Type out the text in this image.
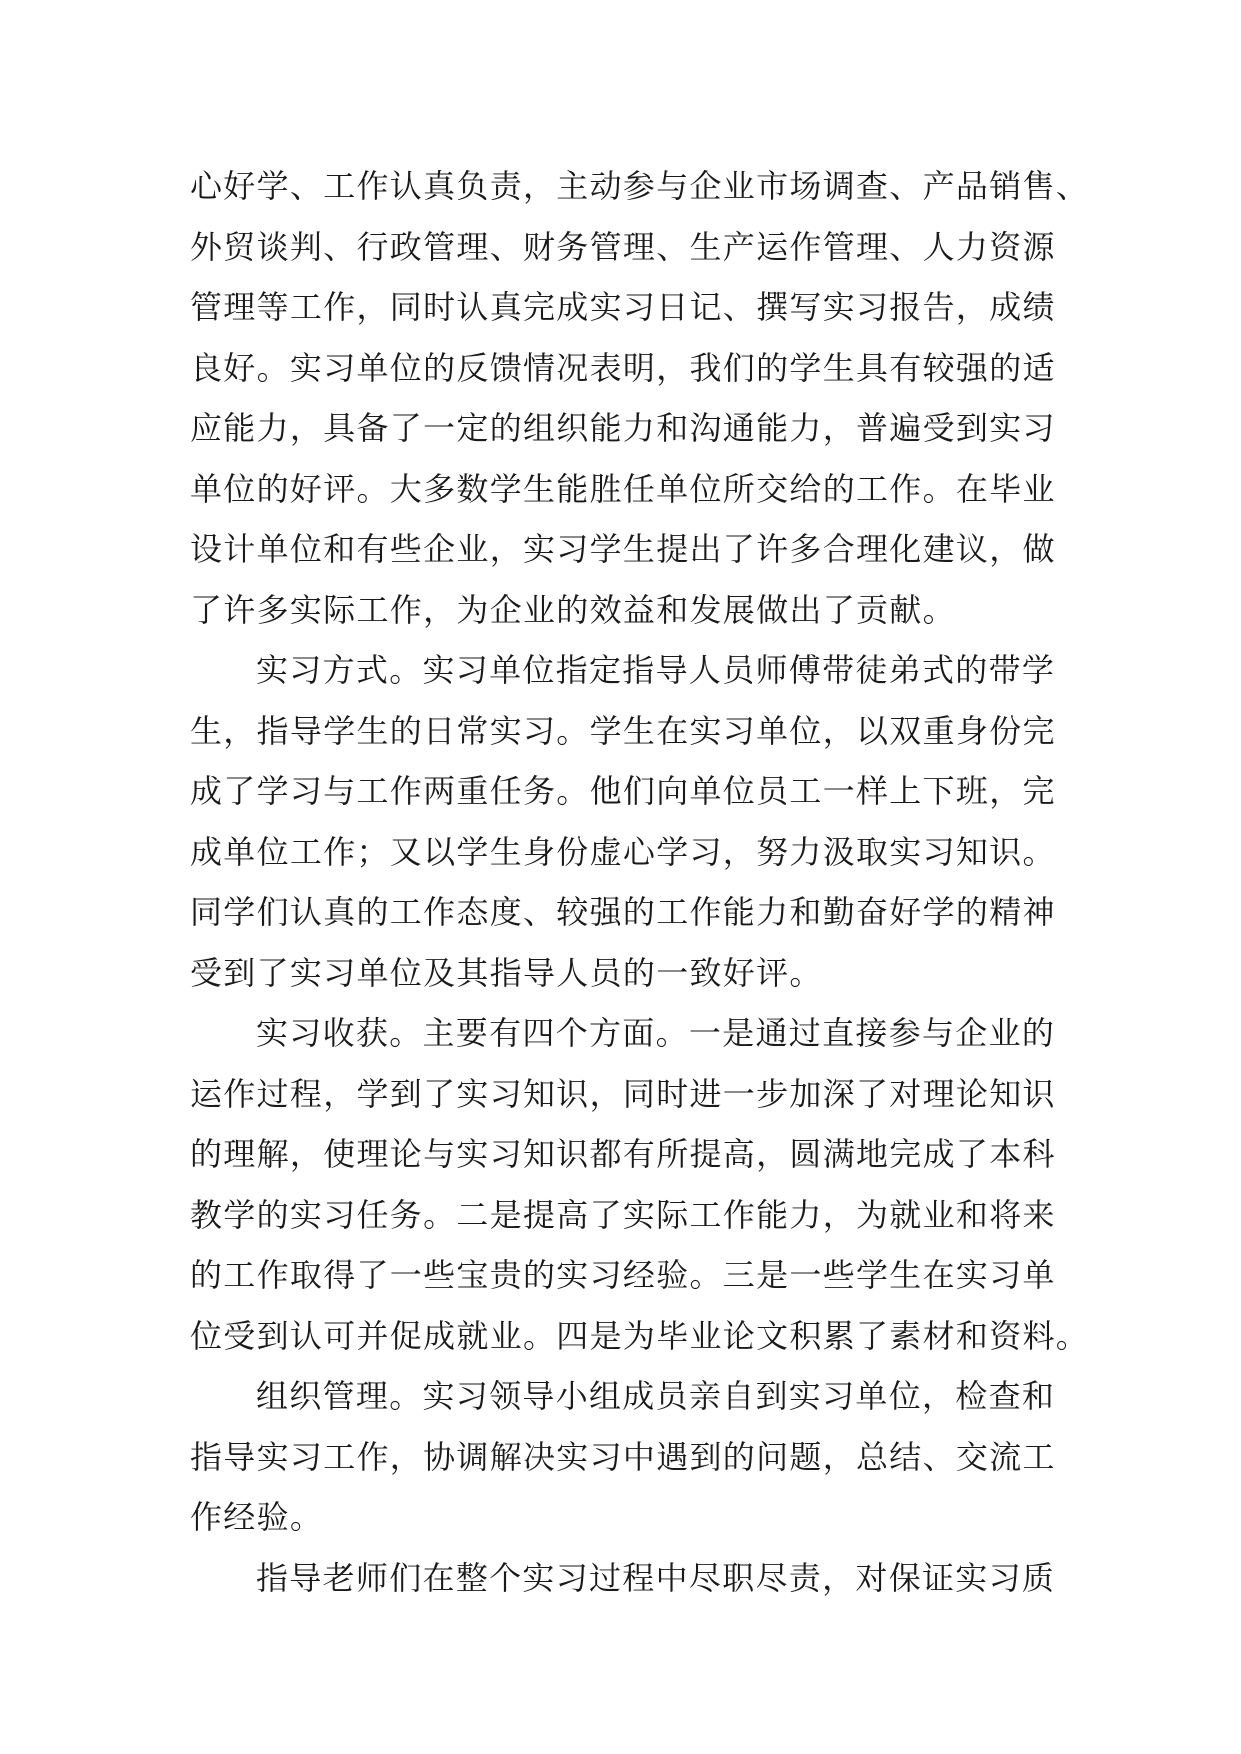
心好学、工作认真负责，主动参与企业市场调查、产品销售、
外贸谈判、行政管理、财务管理、生产运作管理、人力资源
管理等工作，同时认真完成实习日记、撰写实习报告，成绩
良好。实习单位的反馈情况表明，我们的学生具有较强的适
应能力，具备了一定的组织能力和沟通能力，普遍受到实习
单位的好评。大多数学生能胜任单位所交给的工作。在毕业
设计单位和有些企业，实习学生提出了许多合理化建议，做
了许多实际工作，为企业的效益和发展做出了贡献。
实习方式。实习单位指定指导人员师傅带徒弟式的带学
生，指导学生的日常实习。学生在实习单位，以双重身份完
成了学习与工作两重任务。他们向单位员工一样上下班，完
成单位工作；又以学生身份虚心学习，努力汲取实习知识。
同学们认真的工作态度、较强的工作能力和勤奋好学的精神
受到了实习单位及其指导人员的一致好评。
实习收获。主要有四个方面。一是通过直接参与企业的
运作过程，学到了实习知识，同时进一步加深了对理论知识
的理解，使理论与实习知识都有所提高，圆满地完成了本科
教学的实习任务。二是提高了实际工作能力，为就业和将来
的工作取得了一些宝贵的实习经验。三是一些学生在实习单
位受到认可并促成就业。四是为毕业论文积累了素材和资料。
组织管理。实习领导小组成员亲自到实习单位，检查和
指导实习工作，协调解决实习中遇到的问题，总结、交流工
作经验。
指导老师们在整个实习过程中尽职尽责，对保证实习质
